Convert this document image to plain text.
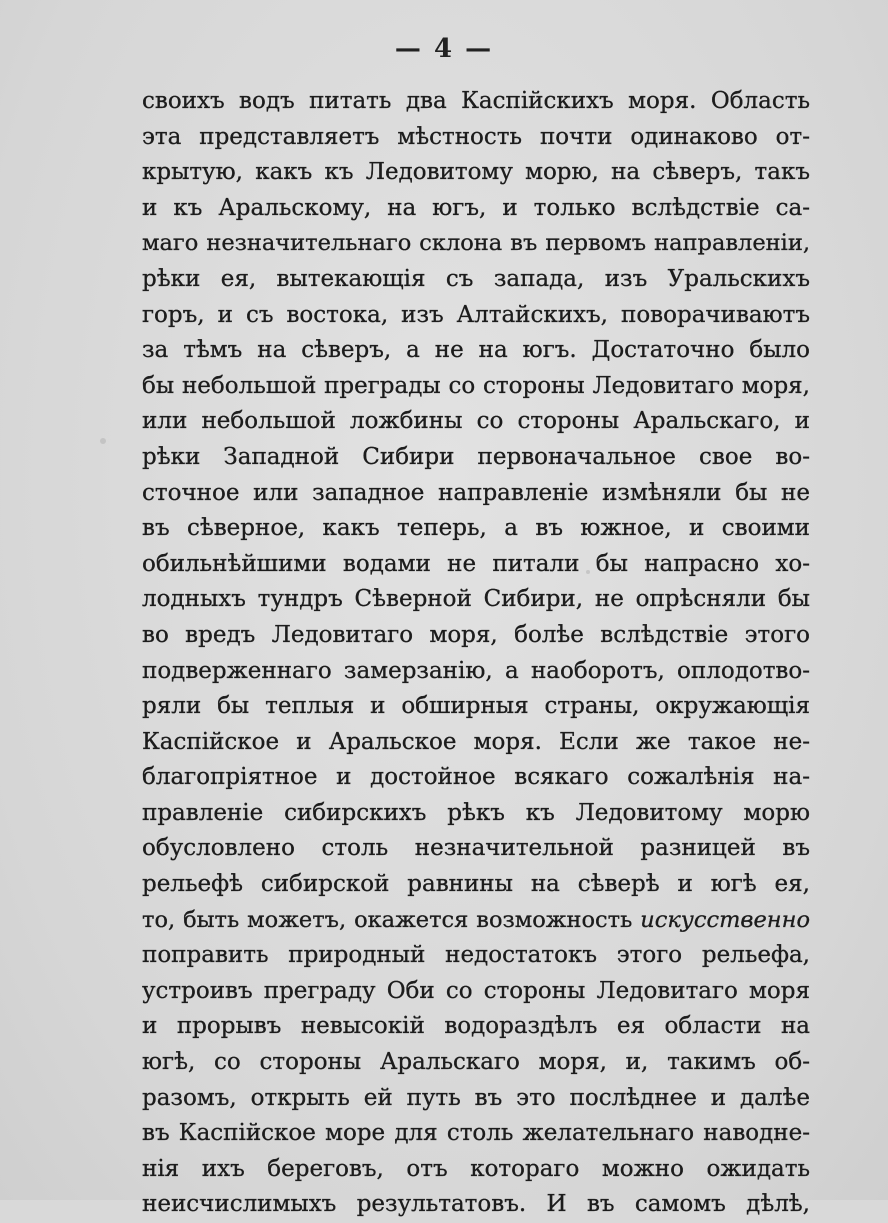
— 4 —
своихъ водъ питать два Каспійскихъ моря. Область
эта представляетъ мѣстность почти одинаково от-
крытую, какъ къ Ледовитому морю, на сѣверъ, такъ
и къ Аральскому, на югъ, и только вслѣдствіе са-
маго незначительнаго склона въ первомъ направленіи,
рѣки ея, вытекающія съ запада, изъ Уральскихъ
горъ, и съ востока, изъ Алтайскихъ, поворачиваютъ
за тѣмъ на сѣверъ, а не на югъ. Достаточно было
бы небольшой преграды со стороны Ледовитаго моря,
или небольшой ложбины со стороны Аральскаго, и
рѣки Западной Сибири первоначальное свое во-
сточное или западное направленіе измѣняли бы не
въ сѣверное, какъ теперь, а въ южное, и своими
обильнѣйшими водами не питали бы напрасно хо-
лодныхъ тундръ Сѣверной Сибири, не опрѣсняли бы
во вредъ Ледовитаго моря, болѣе вслѣдствіе этого
подверженнаго замерзанію, а наоборотъ, оплодотво-
ряли бы теплыя и обширныя страны, окружающія
Каспійское и Аральское моря. Если же такое не-
благопріятное и достойное всякаго сожалѣнія на-
правленіе сибирскихъ рѣкъ къ Ледовитому морю
обусловлено столь незначительной разницей въ
рельефѣ сибирской равнины на сѣверѣ и югѣ ея,
то, быть можетъ, окажется возможность искусственно
поправить природный недостатокъ этого рельефа,
устроивъ преграду Оби со стороны Ледовитаго моря
и прорывъ невысокій водораздѣлъ ея области на
югѣ, со стороны Аральскаго моря, и, такимъ об-
разомъ, открыть ей путь въ это послѣднее и далѣе
въ Каспійское море для столь желательнаго наводне-
нія ихъ береговъ, отъ котораго можно ожидать
неисчислимыхъ результатовъ. И въ самомъ дѣлѣ,
